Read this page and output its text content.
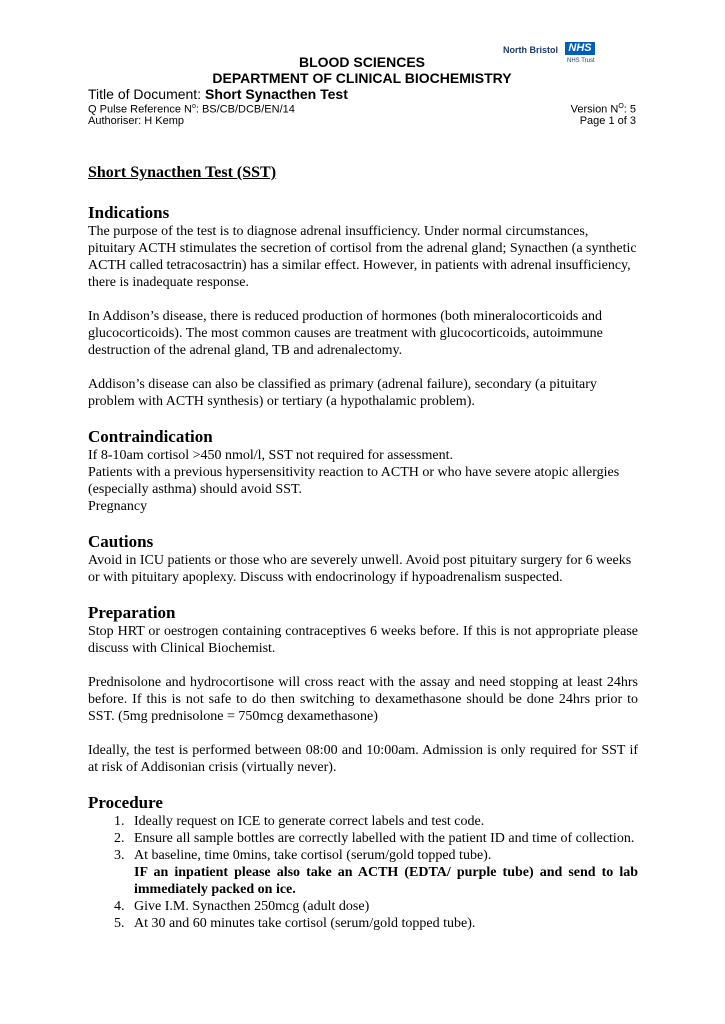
North Bristol NHS
NHS Trust
BLOOD SCIENCES
DEPARTMENT OF CLINICAL BIOCHEMISTRY
Title of Document: Short Synacthen Test
Q Pulse Reference $N^o$: BS/CB/DCB/EN/14	Version $N^O$: 5
Authoriser: H Kemp	Page 1 of 3
Short Synacthen Test (SST)
Indications

The purpose of the test is to diagnose adrenal insufficiency. Under normal circumstances, pituitary ACTH stimulates the secretion of cortisol from the adrenal gland; Synacthen (a synthetic ACTH called tetracosactrin) has a similar effect. However, in patients with adrenal insufficiency, there is inadequate response.

In Addison’s disease, there is reduced production of hormones (both mineralocorticoids and glucocorticoids). The most common causes are treatment with glucocorticoids, autoimmune destruction of the adrenal gland, TB and adrenalectomy.

Addison’s disease can also be classified as primary (adrenal failure), secondary (a pituitary problem with ACTH synthesis) or tertiary (a hypothalamic problem).

Contraindication

If 8-10am cortisol >450 nmol/l, SST not required for assessment.

Patients with a previous hypersensitivity reaction to ACTH or who have severe atopic allergies (especially asthma) should avoid SST.

Pregnancy

Cautions

Avoid in ICU patients or those who are severely unwell. Avoid post pituitary surgery for 6 weeks or with pituitary apoplexy. Discuss with endocrinology if hypoadrenalism suspected.

Preparation

Stop HRT or oestrogen containing contraceptives 6 weeks before. If this is not appropriate please discuss with Clinical Biochemist.

Prednisolone and hydrocortisone will cross react with the assay and need stopping at least 24hrs before. If this is not safe to do then switching to dexamethasone should be done 24hrs prior to SST. (5mg prednisolone = 750mcg dexamethasone)

Ideally, the test is performed between 08:00 and 10:00am. Admission is only required for SST if at risk of Addisonian crisis (virtually never).

Procedure
1. Ideally request on ICE to generate correct labels and test code.
2. Ensure all sample bottles are correctly labelled with the patient ID and time of collection.
3. At baseline, time 0mins, take cortisol (serum/gold topped tube).
IF an inpatient please also take an ACTH (EDTA/ purple tube) and send to lab immediately packed on ice.
4. Give I.M. Synacthen 250mcg (adult dose)
5. At 30 and 60 minutes take cortisol (serum/gold topped tube).
